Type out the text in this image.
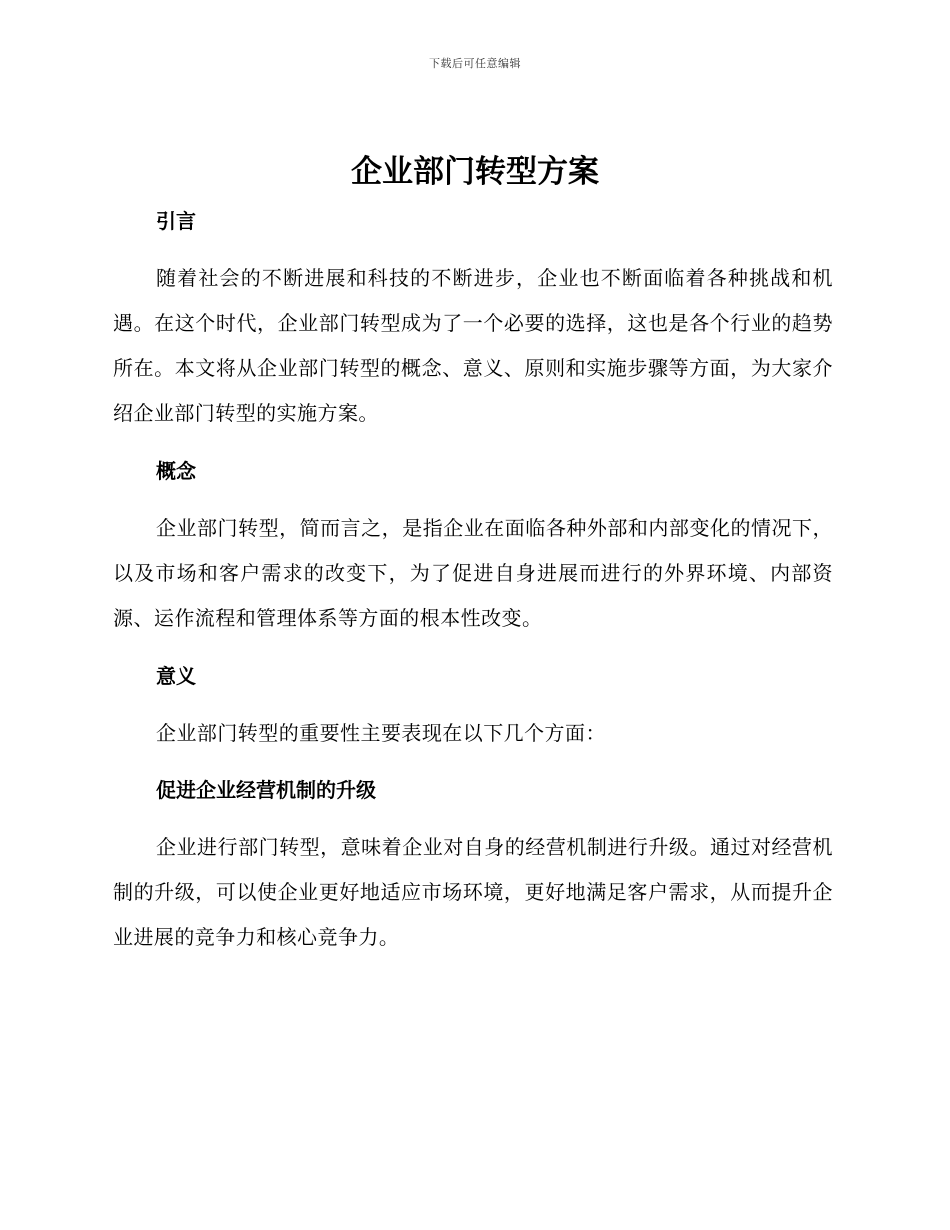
下载后可任意编辑
企业部门转型方案
引言

随着社会的不断进展和科技的不断进步，企业也不断面临着各种挑战和机遇。在这个时代，企业部门转型成为了一个必要的选择，这也是各个行业的趋势所在。本文将从企业部门转型的概念、意义、原则和实施步骤等方面，为大家介绍企业部门转型的实施方案。

概念

企业部门转型，简而言之，是指企业在面临各种外部和内部变化的情况下，以及市场和客户需求的改变下，为了促进自身进展而进行的外界环境、内部资源、运作流程和管理体系等方面的根本性改变。

意义

企业部门转型的重要性主要表现在以下几个方面：

促进企业经营机制的升级

企业进行部门转型，意味着企业对自身的经营机制进行升级。通过对经营机制的升级，可以使企业更好地适应市场环境，更好地满足客户需求，从而提升企业进展的竞争力和核心竞争力。
